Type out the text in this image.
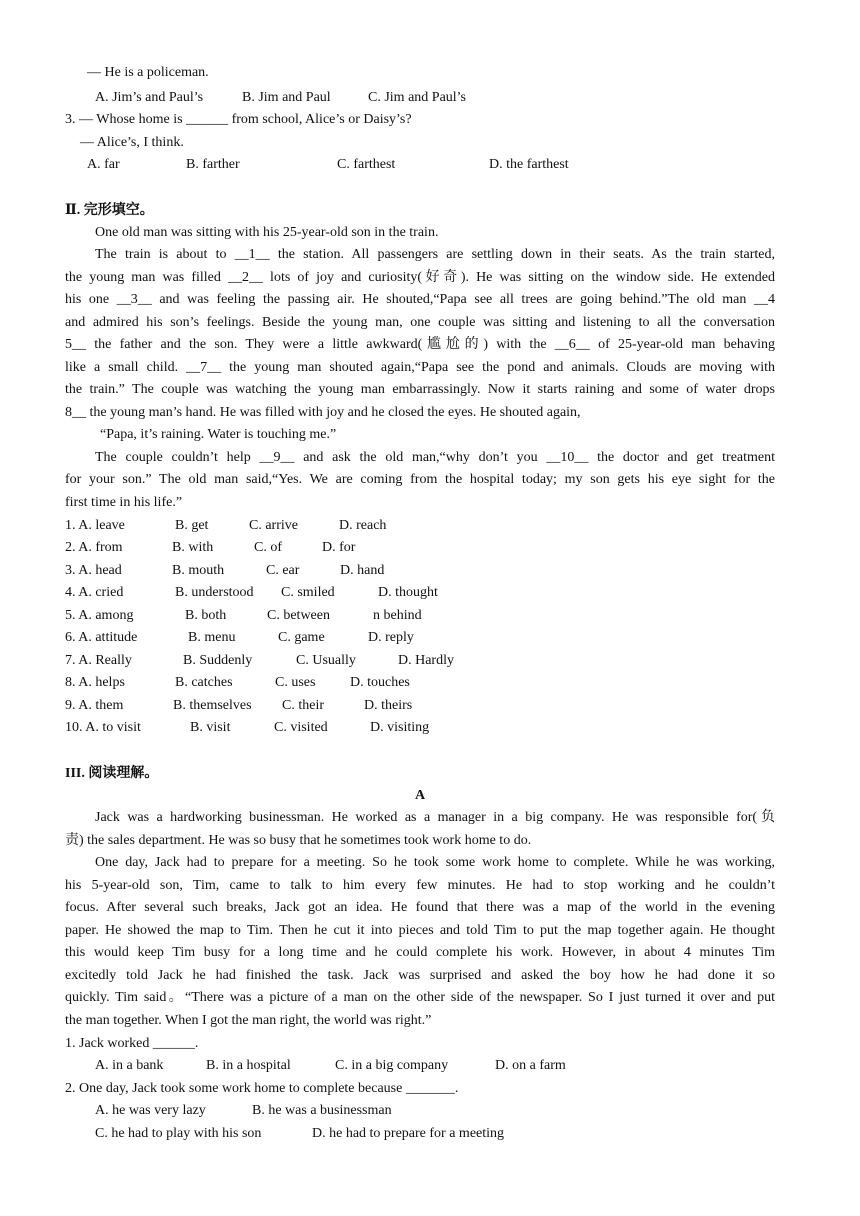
— He is a policeman.
A. Jim’s and Paul’s	B. Jim and Paul	C. Jim and Paul’s
3. — Whose home is ______ from school, Alice’s or Daisy’s?
— Alice’s, I think.
A. far	B. farther	C. farthest	D. the farthest
Ⅱ. 完形填空。
One old man was sitting with his 25-year-old son in the train.
The train is about to __1__ the station. All passengers are settling down in their seats. As the train started,
the young man was filled __2__ lots of joy and curiosity(好奇). He was sitting on the window side. He extended
his one __3__ and was feeling the passing air. He shouted,“Papa see all trees are going behind.”The old man __4
and admired his son’s feelings. Beside the young man, one couple was sitting and listening to all the conversation
5__ the father and the son. They were a little awkward(尴尬的) with the __6__ of 25-year-old man behaving
like a small child. __7__ the young man shouted again,“Papa see the pond and animals. Clouds are moving with
the train.” The couple was watching the young man embarrassingly. Now it starts raining and some of water drops
8__ the young man’s hand. He was filled with joy and he closed the eyes. He shouted again,
“Papa, it’s raining. Water is touching me.”
The couple couldn’t help __9__ and ask the old man,“why don’t you __10__ the doctor and get treatment
for your son.” The old man said,“Yes. We are coming from the hospital today; my son gets his eye sight for the
first time in his life.”
1. A. leave	B. get	C. arrive	D. reach
2. A. from	B. with	C. of	D. for
3. A. head	B. mouth	C. ear	D. hand
4. A. cried	B. understood C. smiled	D. thought
5. A. among	B. both	C. between	n behind
6. A. attitude	B. menu	C. game	D. reply
7. A. Really	B. Suddenly	C. Usually	D. Hardly
8. A. helps	B. catches	C. uses D. touches
9. A. them	B. themselves C. their	D. theirs
10. A. to visit	B. visit	C. visited	D. visiting
III. 阅读理解。
A
Jack was a hardworking businessman. He worked as a manager in a big company. He was responsible for(负
责) the sales department. He was so busy that he sometimes took work home to do.
One day, Jack had to prepare for a meeting. So he took some work home to complete. While he was working,
his 5-year-old son, Tim, came to talk to him every few minutes. He had to stop working and he couldn’t
focus. After several such breaks, Jack got an idea. He found that there was a map of the world in the evening
paper. He showed the map to Tim. Then he cut it into pieces and told Tim to put the map together again. He thought
this would keep Tim busy for a long time and he could complete his work. However, in about 4 minutes Tim
excitedly told Jack he had finished the task. Jack was surprised and asked the boy how he had done it so
quickly. Tim said。“There was a picture of a man on the other side of the newspaper. So I just turned it over and put
the man together. When I got the man right, the world was right.”
1. Jack worked ______.
A. in a bank	B. in a hospital	C. in a big company	D. on a farm
2. One day, Jack took some work home to complete because _______.
A. he was very lazy	B. he was a businessman
C. he had to play with his son	D. he had to prepare for a meeting
